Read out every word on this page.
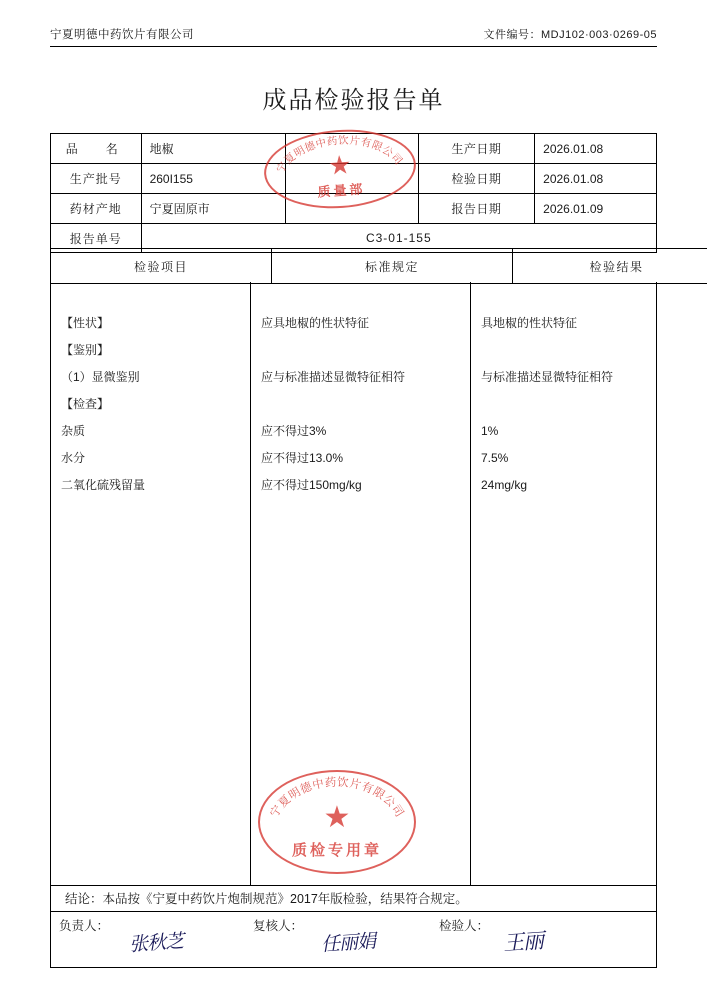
宁夏明德中药饮片有限公司	文件编号：MDJ102·003·0269-05
成品检验报告单
品　名	地椒		生产日期	2026.01.08
生产批号	260I155		检验日期	2026.01.08
药材产地	宁夏固原市		报告日期	2026.01.09
报告单号	C3-01-155			
检验项目	标准规定	检验结果
【性状】	应具地椒的性状特征	具地椒的性状特征
【鉴别】
（1）显微鉴别	应与标准描述显微特征相符	与标准描述显微特征相符
【检查】
杂质	应不得过3%	1%
水分	应不得过13.0%	7.5%
二氧化硫残留量	应不得过150mg/kg	24mg/kg
结论：本品按《宁夏中药饮片炮制规范》2017年版检验，结果符合规定。
负责人：
张秋芝
复核人：
任丽娟
检验人：
王丽
宁夏明德中药饮片有限公司
★
质量部
宁夏明德中药饮片有限公司
★
质检专用章
